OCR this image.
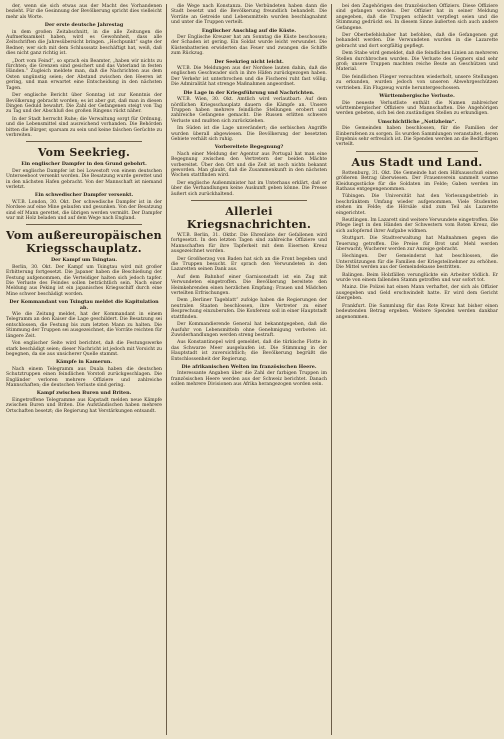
der, wenn sie sich etwas aus der Macht des Vorhandenen bezieht. Für die Gesinnung der Bevölkerung spricht dies vielleicht mehr als Worte.
Der erste deutsche Jahrestag
in dem großen Zeitabschnitt, in die alle Zeitungen die Aufmerksamkeit haben, wird es Gewohnheit, dass alle Zeitschriften die Jahresübersicht bringen. „Hochpunkt“ sagte der Redner; wer sich mit dem Schlusssatz beschäftigt hat, weiß, daß dies nicht ganz richtig ist.
„Dort vom Feind“, so sprach ein Beamter, „haben wir nichts zu fürchten; die Grenzen sind gesichert und das Vaterland in festen Händen.“ Zugleich meldete man, daß die Nachrichten aus dem Osten ungünstig seien; der Abstand zwischen den Heeren ist gering, und man erwartet eine Entscheidung in den nächsten Tagen.
Der englische Bericht über Sonntag ist zur Kenntnis der Bevölkerung gebracht worden; es ist aber gut, daß man in diesen Dingen Geduld bewahrt. Die Zahl der Gefangenen steigt von Tag zu Tag und der Abschluß des großen Ringens rückt näher.
In der Stadt herrscht Ruhe; die Verwaltung sorgt für Ordnung, und die Lebensmittel sind ausreichend vorhanden. Die Behörden bitten die Bürger, sparsam zu sein und keine falschen Gerüchte zu verbreiten.
Vom Seekrieg.
Ein englischer Dampfer in den Grund gebohrt.
Der englische Dampfer ist bei Lowestoft von einem deutschen Unterseeboot versenkt worden. Die Besatzung wurde gerettet und in den nächsten Hafen gebracht. Von der Mannschaft ist niemand verletzt.
Ein schwedischer Dampfer versenkt.
W.T.B. London, 30. Okt. Der schwedische Dampfer ist in der Nordsee auf eine Mine gelaufen und gesunken. Von der Besatzung sind elf Mann gerettet, die übrigen werden vermißt. Der Dampfer war mit Holz beladen und auf dem Wege nach England.
Vom außereuropäischen Kriegsschauplatz.
Der Kampf um Tsingtau.
Berlin, 30. Okt. Der Kampf um Tsingtau wird mit großer Erbitterung fortgesetzt. Die Japaner haben die Beschießung der Festung aufgenommen, die Verteidiger halten sich jedoch tapfer. Die Verluste des Feindes sollen beträchtlich sein. Nach einer Meldung aus Peking ist ein japanisches Kriegsschiff durch eine Mine schwer beschädigt worden.
Der Kommandant von Tsingtau meldet die Kapitulation ab.
Wie die Zeitung meldet, hat der Kommandant in einem Telegramm an den Kaiser die Lage geschildert. Die Besatzung sei entschlossen, die Festung bis zum letzten Mann zu halten. Die Stimmung der Truppen sei ausgezeichnet, die Vorräte reichten für längere Zeit.
Von englischer Seite wird berichtet, daß die Festungswerke stark beschädigt seien; dieser Nachricht ist jedoch mit Vorsicht zu begegnen, da sie aus unsicherer Quelle stammt.
Kämpfe in Kamerun.
Nach einem Telegramm aus Duala haben die deutschen Schutztruppen einen feindlichen Vorstoß zurückgeschlagen. Die Engländer verloren mehrere Offiziere und zahlreiche Mannschaften; die deutschen Verluste sind gering.
Kampf zwischen Buren und Briten.
Eingetroffene Telegramme aus Kapstadt melden neue Kämpfe zwischen Buren und Briten. Die Aufständischen haben mehrere Ortschaften besetzt; die Regierung hat Verstärkungen entsandt.
die Wege nach Konstanza. Die Verbündeten haben dann die Stadt besetzt und die Bevölkerung freundlich behandelt. Die Vorräte an Getreide und Lebensmitteln wurden beschlagnahmt und unter die Truppen verteilt.
Englischer Anschlag auf die Küste.
Der Englische Kreuzer hat am Sonntag die Küste beschossen; der Schaden ist gering. Ein Soldat wurde leicht verwundet. Die Küstenbatterien erwiderten das Feuer und zwangen die Schiffe zum Rückzug.
Der Seekrieg nicht leicht.
W.T.B. Die Meldungen aus der Nordsee lauten dahin, daß die englischen Geschwader sich in ihre Häfen zurückgezogen haben. Der Verkehr ist unterbrochen und die Fischerei ruht fast völlig. Die Admiralität hat strenge Maßnahmen angeordnet.
Die Lage in der Kriegsführung und Nachrichten.
W.T.B. Wien, 30. Okt. Amtlich wird verlautbart: Auf dem nördlichen Kriegsschauplatz dauern die Kämpfe an. Unsere Truppen haben mehrere feindliche Stellungen erobert und zahlreiche Gefangene gemacht. Die Russen erlitten schwere Verluste und mußten sich zurückziehen.
Im Süden ist die Lage unverändert; die serbischen Angriffe wurden überall abgewiesen. Die Bevölkerung der besetzten Gebiete verhält sich ruhig.
Vorbereitete Begegnung?
Nach einer Meldung der Agentur aus Portugal hat man eine Begegnung zwischen den Vertretern der beiden Mächte vorbereitet. Über den Ort und die Zeit ist noch nichts bekannt geworden. Man glaubt, daß die Zusammenkunft in den nächsten Wochen stattfinden wird.
Der englische Außenminister hat im Unterhaus erklärt, daß er über die Verhandlungen keine Auskunft geben könne. Die Presse äußert sich zurückhaltend.
Allerlei Kriegsnachrichten.
W.T.B. Berlin, 31. Oktbr. Die Ehrenliste der Gefallenen wird fortgesetzt. In den letzten Tagen sind zahlreiche Offiziere und Mannschaften für ihre Tapferkeit mit dem Eisernen Kreuz ausgezeichnet worden.
Der Großherzog von Baden hat sich an die Front begeben und die Truppen besucht. Er sprach den Verwundeten in den Lazaretten seinen Dank aus.
Auf dem Bahnhof einer Garnisonstadt ist ein Zug mit Verwundeten eingetroffen. Die Bevölkerung bereitete den Heimkehrenden einen herzlichen Empfang; Frauen und Mädchen verteilten Erfrischungen.
Dem „Berliner Tageblatt“ zufolge haben die Regierungen der neutralen Staaten beschlossen, ihre Vertreter zu einer Besprechung einzuberufen. Die Konferenz soll in einer Hauptstadt stattfinden.
Der Kommandierende General hat bekanntgegeben, daß die Ausfuhr von Lebensmitteln ohne Genehmigung verboten ist. Zuwiderhandlungen werden streng bestraft.
Aus Konstantinopel wird gemeldet, daß die türkische Flotte in das Schwarze Meer ausgelaufen ist. Die Stimmung in der Hauptstadt ist zuversichtlich; die Bevölkerung begrüßt die Entschlossenheit der Regierung.
Die afrikanischen Welten im französischen Heere.
Interessante Angaben über die Zahl der farbigen Truppen im französischen Heere werden aus der Schweiz berichtet. Danach sollen mehrere Divisionen aus Afrika herangezogen worden sein.
bei den Zugehörigen des französischen Offiziers. Diese Offiziere sind gefangen worden. Der Offizier hat in seiner Meldung angegeben, daß die Truppen schlecht verpflegt seien und die Stimmung gedrückt sei. In diesem Sinne äußerten sich auch andere Gefangene.
Der Oberbefehlshaber hat befohlen, daß die Gefangenen gut behandelt werden. Die Verwundeten wurden in die Lazarette gebracht und dort sorgfältig gepflegt.
Dem Stabe wird gemeldet, daß die feindlichen Linien an mehreren Stellen durchbrochen wurden. Die Verluste des Gegners sind sehr groß; unsere Truppen machten reiche Beute an Geschützen und Material.
Die feindlichen Flieger versuchten wiederholt, unsere Stellungen zu erkunden, wurden jedoch von unseren Abwehrgeschützen vertrieben. Ein Flugzeug wurde heruntergeschossen.
Württembergische Verluste.
Die neueste Verlustliste enthält die Namen zahlreicher württembergischer Offiziere und Mannschaften. Die Angehörigen werden gebeten, sich bei den zuständigen Stellen zu erkundigen.
Umschichtliche „Notizheim“.
Die Gemeinden haben beschlossen, für die Familien der Einberufenen zu sorgen. Es wurden Sammlungen veranstaltet, deren Ergebnis sehr erfreulich ist. Die Spenden werden an die Bedürftigen verteilt.
Aus Stadt und Land.
Rottenburg, 31. Okt. Die Gemeinde hat dem Hilfsausschuß einen größeren Betrag überwiesen. Der Frauenverein sammelt warme Kleidungsstücke für die Soldaten im Felde; Gaben werden im Rathaus entgegengenommen.
Tübingen. Die Universität hat den Vorlesungsbetrieb in beschränktem Umfang wieder aufgenommen. Viele Studenten stehen im Felde; die Hörsäle sind zum Teil als Lazarette eingerichtet.
Reutlingen. Im Lazarett sind weitere Verwundete eingetroffen. Die Pflege liegt in den Händen der Schwestern vom Roten Kreuz, die sich aufopfernd ihrer Aufgabe widmen.
Stuttgart. Die Stadtverwaltung hat Maßnahmen gegen die Teuerung getroffen. Die Preise für Brot und Mehl werden überwacht; Wucherer werden zur Anzeige gebracht.
Hechingen. Der Gemeinderat hat beschlossen, die Unterstützungen für die Familien der Kriegsteilnehmer zu erhöhen. Die Mittel werden aus der Gemeindekasse bestritten.
Balingen. Beim Holzfällen verunglückte ein Arbeiter tödlich. Er wurde von einem fallenden Stamm getroffen und war sofort tot.
Mainz. Die Polizei hat einen Mann verhaftet, der sich als Offizier ausgegeben und Geld erschwindelt hatte. Er wird dem Gericht übergeben.
Frankfurt. Die Sammlung für das Rote Kreuz hat bisher einen bedeutenden Betrag ergeben. Weitere Spenden werden dankbar angenommen.
